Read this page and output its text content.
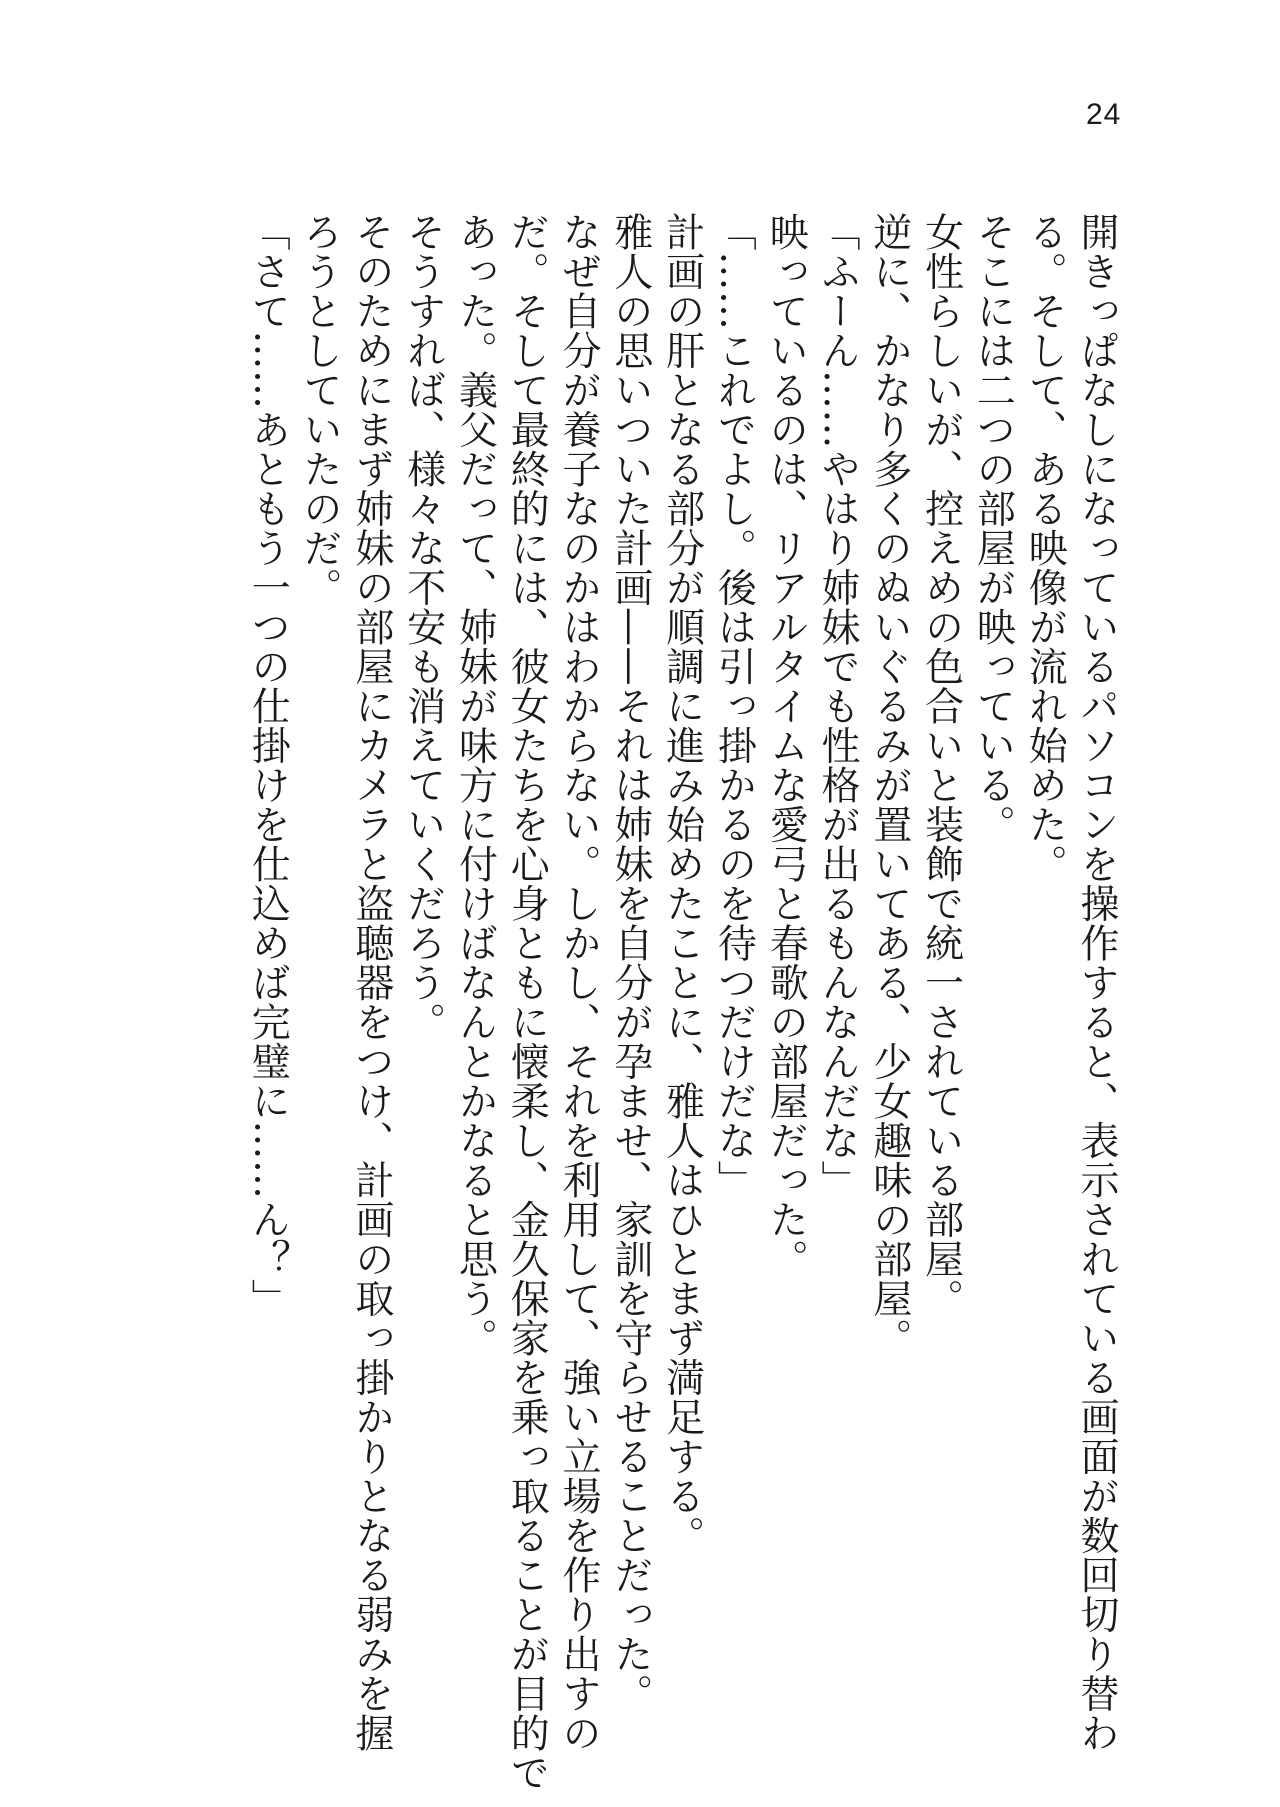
24
開きっぱなしになっているパソコンを操作すると、表示されている画面が数回切り替わ
る。そして、ある映像が流れ始めた。
そこには二つの部屋が映っている。
女性らしいが、控えめの色合いと装飾で統一されている部屋。
逆に、かなり多くのぬいぐるみが置いてある、少女趣味の部屋。
「ふーん……やはり姉妹でも性格が出るもんなんだな」
映っているのは、リアルタイムな愛弓と春歌の部屋だった。
「……これでよし。後は引っ掛かるのを待つだけだな」
計画の肝となる部分が順調に進み始めたことに、雅人はひとまず満足する。
雅人の思いついた計画——それは姉妹を自分が孕ませ、家訓を守らせることだった。
なぜ自分が養子なのかはわからない。しかし、それを利用して、強い立場を作り出すの
だ。そして最終的には、彼女たちを心身ともに懐柔し、金久保家を乗っ取ることが目的で
あった。義父だって、姉妹が味方に付けばなんとかなると思う。
そうすれば、様々な不安も消えていくだろう。
そのためにまず姉妹の部屋にカメラと盗聴器をつけ、計画の取っ掛かりとなる弱みを握
ろうとしていたのだ。
「さて……あともう一つの仕掛けを仕込めば完璧に……ん？」
